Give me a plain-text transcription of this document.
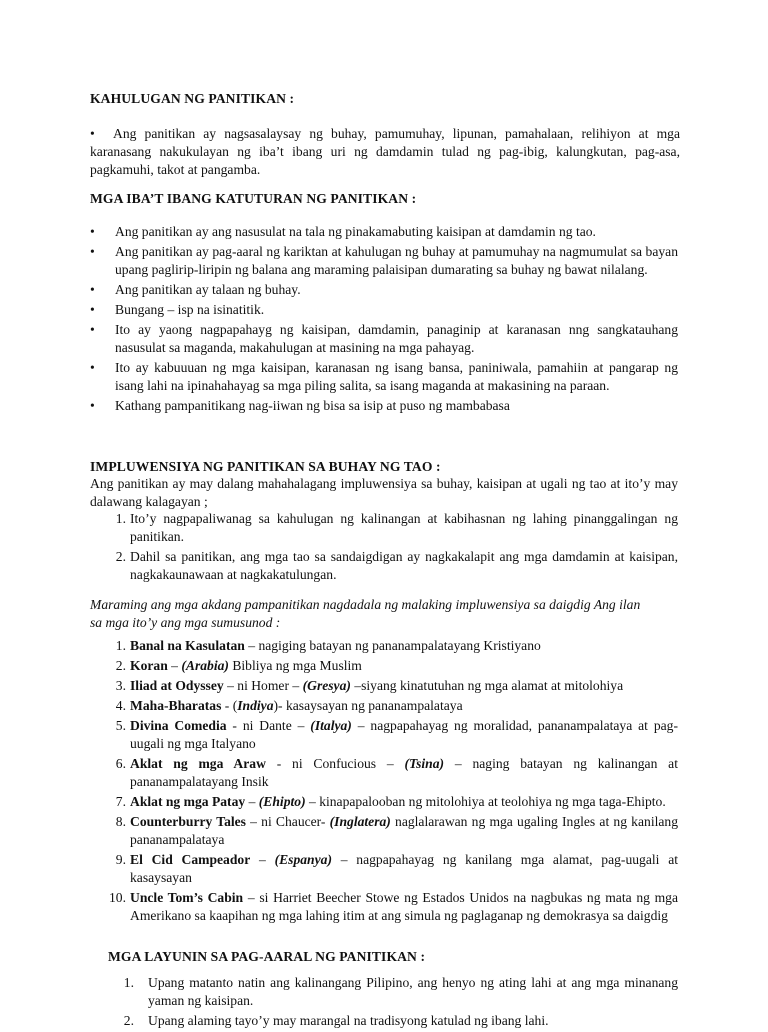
KAHULUGAN NG PANITIKAN :
• Ang panitikan ay nagsasalaysay ng buhay, pamumuhay, lipunan, pamahalaan, relihiyon at mga karanasang nakukulayan ng iba’t ibang uri ng damdamin tulad ng pag-ibig, kalungkutan, pag-asa, pagkamuhi, takot at pangamba.
MGA IBA’T IBANG KATUTURAN NG PANITIKAN :
• Ang panitikan ay ang nasusulat na tala ng pinakamabuting kaisipan at damdamin ng tao.
• Ang panitikan ay pag-aaral ng kariktan at kahulugan ng buhay at pamumuhay na nagmumulat sa bayan upang paglirip-liripin ng balana ang maraming palaisipan dumarating sa buhay ng bawat nilalang.
• Ang panitikan ay talaan ng buhay.
• Bungang – isp na isinatitik.
• Ito ay yaong nagpapahayg ng kaisipan, damdamin, panaginip at karanasan nng sangkatauhang nasusulat sa maganda, makahulugan at masining na mga pahayag.
• Ito ay kabuuuan ng mga kaisipan, karanasan ng isang bansa, paniniwala, pamahiin at pangarap ng isang lahi na ipinahahayag sa mga piling salita, sa isang maganda at makasining na paraan.
• Kathang pampanitikang nag-iiwan ng bisa sa isip at puso ng mambabasa
IMPLUWENSIYA NG PANITIKAN SA BUHAY NG TAO :
Ang panitikan ay may dalang mahahalagang impluwensiya sa buhay, kaisipan at ugali ng tao at ito’y may dalawang kalagayan ;
1. Ito’y nagpapaliwanag sa kahulugan ng kalinangan at kabihasnan ng lahing pinanggalingan ng panitikan.
2. Dahil sa panitikan, ang mga tao sa sandaigdigan ay nagkakalapit ang mga damdamin at kaisipan, nagkakaunawaan at nagkakatulungan.
Maraming ang mga akdang pampanitikan nagdadala ng malaking impluwensiya sa daigdig Ang ilan sa mga ito’y ang mga sumusunod :
1. Banal na Kasulatan – nagiging batayan ng pananampalatayang Kristiyano
2. Koran – (Arabia) Bibliya ng mga Muslim
3. Iliad at Odyssey – ni Homer – (Gresya) –siyang kinatutuhan ng mga alamat at mitolohiya
4. Maha-Bharatas - (Indiya)- kasaysayan ng pananampalataya
5. Divina Comedia - ni Dante – (Italya) – nagpapahayag ng moralidad, pananampalataya at pag-uugali ng mga Italyano
6. Aklat ng mga Araw - ni Confucious – (Tsina) – naging batayan ng kalinangan at pananampalatayang Insik
7. Aklat ng mga Patay – (Ehipto) – kinapapalooban ng mitolohiya at teolohiya ng mga taga-Ehipto.
8. Counterburry Tales – ni Chaucer- (Inglatera) naglalarawan ng mga ugaling Ingles at ng kanilang pananampalataya
9. El Cid Campeador – (Espanya) – nagpapahayag ng kanilang mga alamat, pag-uugali at kasaysayan
10. Uncle Tom’s Cabin – si Harriet Beecher Stowe ng Estados Unidos na nagbukas ng mata ng mga Amerikano sa kaapihan ng mga lahing itim at ang simula ng paglaganap ng demokrasya sa daigdig
MGA LAYUNIN SA PAG-AARAL NG PANITIKAN :
1. Upang matanto natin ang kalinangang Pilipino, ang henyo ng ating lahi at ang mga minanang yaman ng kaisipan.
2. Upang alaming tayo’y may marangal na tradisyong katulad ng ibang lahi.
